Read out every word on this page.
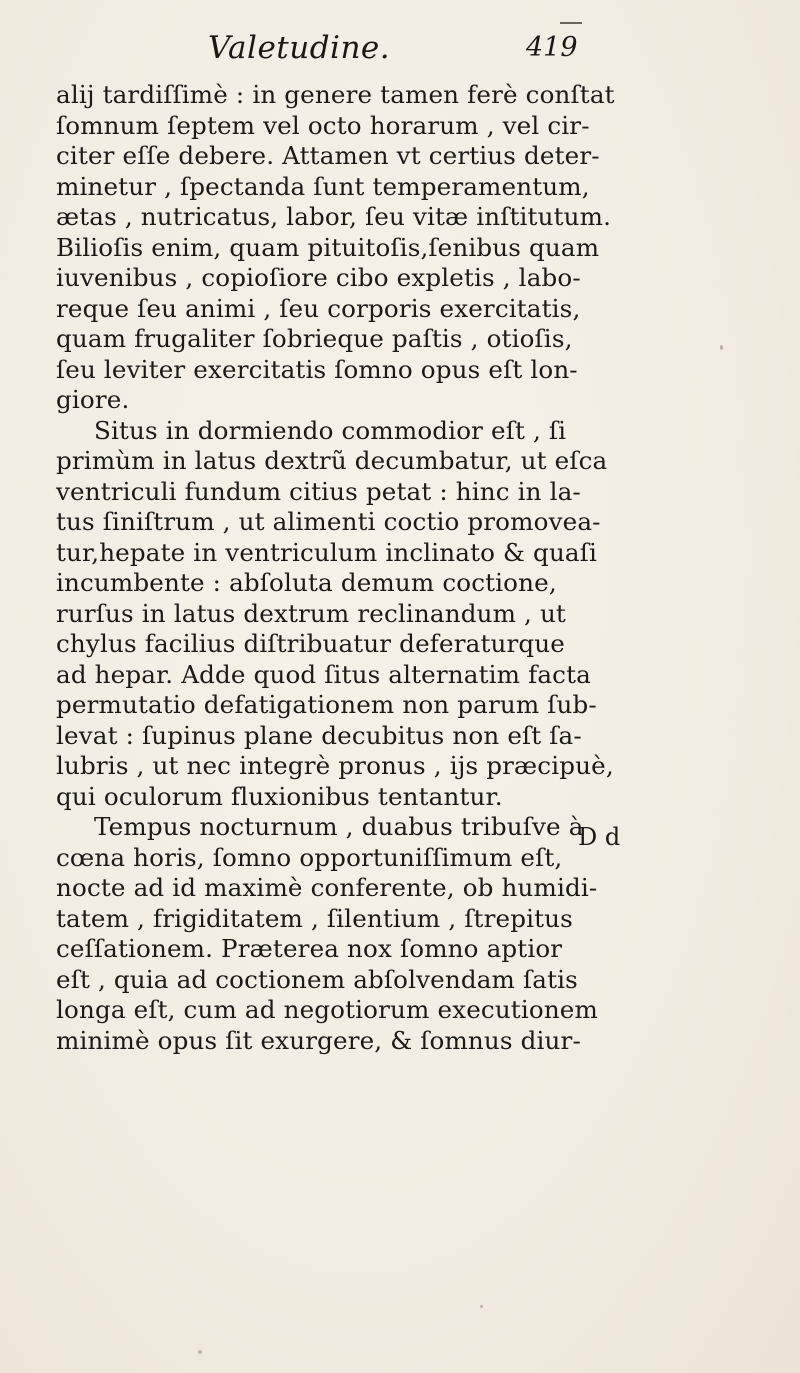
Valetudine.	419
alij tardiſſimè : in genere tamen ferè conſtat
ſomnum ſeptem vel octo horarum , vel cir-
citer eſſe debere. Attamen vt certius deter-
minetur , ſpectanda ſunt temperamentum,
ætas , nutricatus, labor, ſeu vitæ inſtitutum.
Bilioſis enim, quam pituitoſis,ſenibus quam
iuvenibus , copioſiore cibo expletis , labo-
reque ſeu animi , ſeu corporis exercitatis,
quam frugaliter ſobrieque paſtis , otioſis,
ſeu leviter exercitatis ſomno opus eſt lon-
giore.
Situs in dormiendo commodior eſt , ſi
primùm in latus dextrũ decumbatur, ut eſca
ventriculi fundum citius petat : hinc in la-
tus ſiniſtrum , ut alimenti coctio promovea-
tur,hepate in ventriculum inclinato & quaſi
incumbente : abſoluta demum coctione,
rurſus in latus dextrum reclinandum , ut
chylus facilius diſtribuatur deferaturque
ad hepar. Adde quod ſitus alternatim facta
permutatio defatigationem non parum ſub-
levat : ſupinus plane decubitus non eſt ſa-
lubris , ut nec integrè pronus , ijs præcipuè,
qui oculorum fluxionibus tentantur.
Tempus nocturnum , duabus tribuſve à
cœna horis, ſomno opportuniſſimum eſt,
nocte ad id maximè conferente, ob humidi-
tatem , frigiditatem , ſilentium , ſtrepitus
ceſſationem. Præterea nox ſomno aptior
eſt , quia ad coctionem abſolvendam ſatis
longa eſt, cum ad negotiorum executionem
minimè opus ſit exurgere, & ſomnus diur-
D d
